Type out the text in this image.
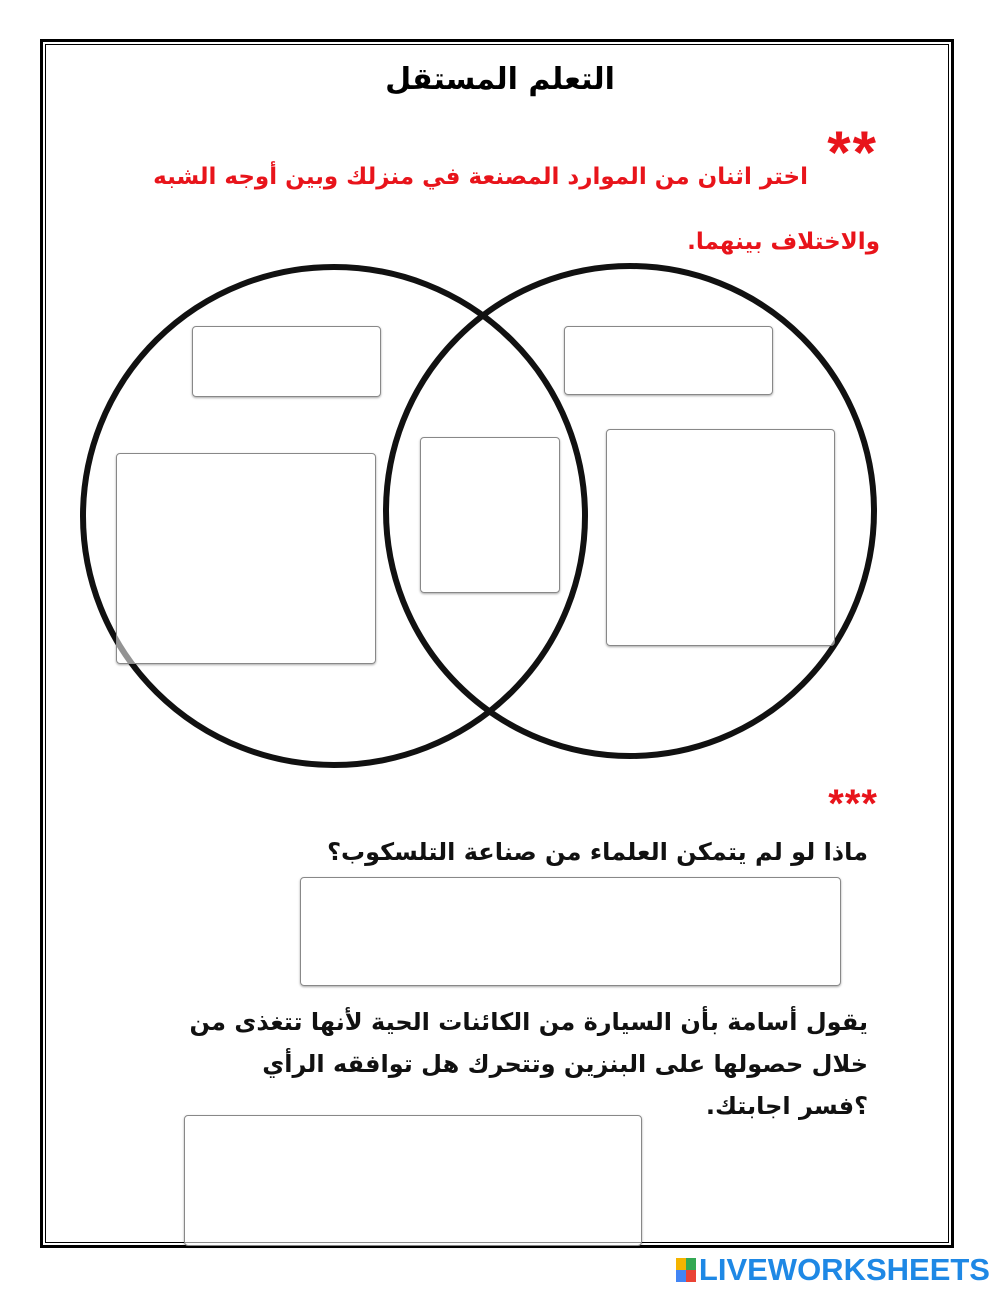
التعلم المستقل
**
اختر اثنان من الموارد المصنعة في منزلك وبين أوجه الشبه
والاختلاف بينهما.
***
ماذا لو لم يتمكن العلماء من صناعة التلسكوب؟
يقول أسامة بأن السيارة من الكائنات الحية لأنها تتغذى من
خلال حصولها على البنزين وتتحرك هل توافقه الرأي
؟فسر اجابتك.
LIVEWORKSHEETS
